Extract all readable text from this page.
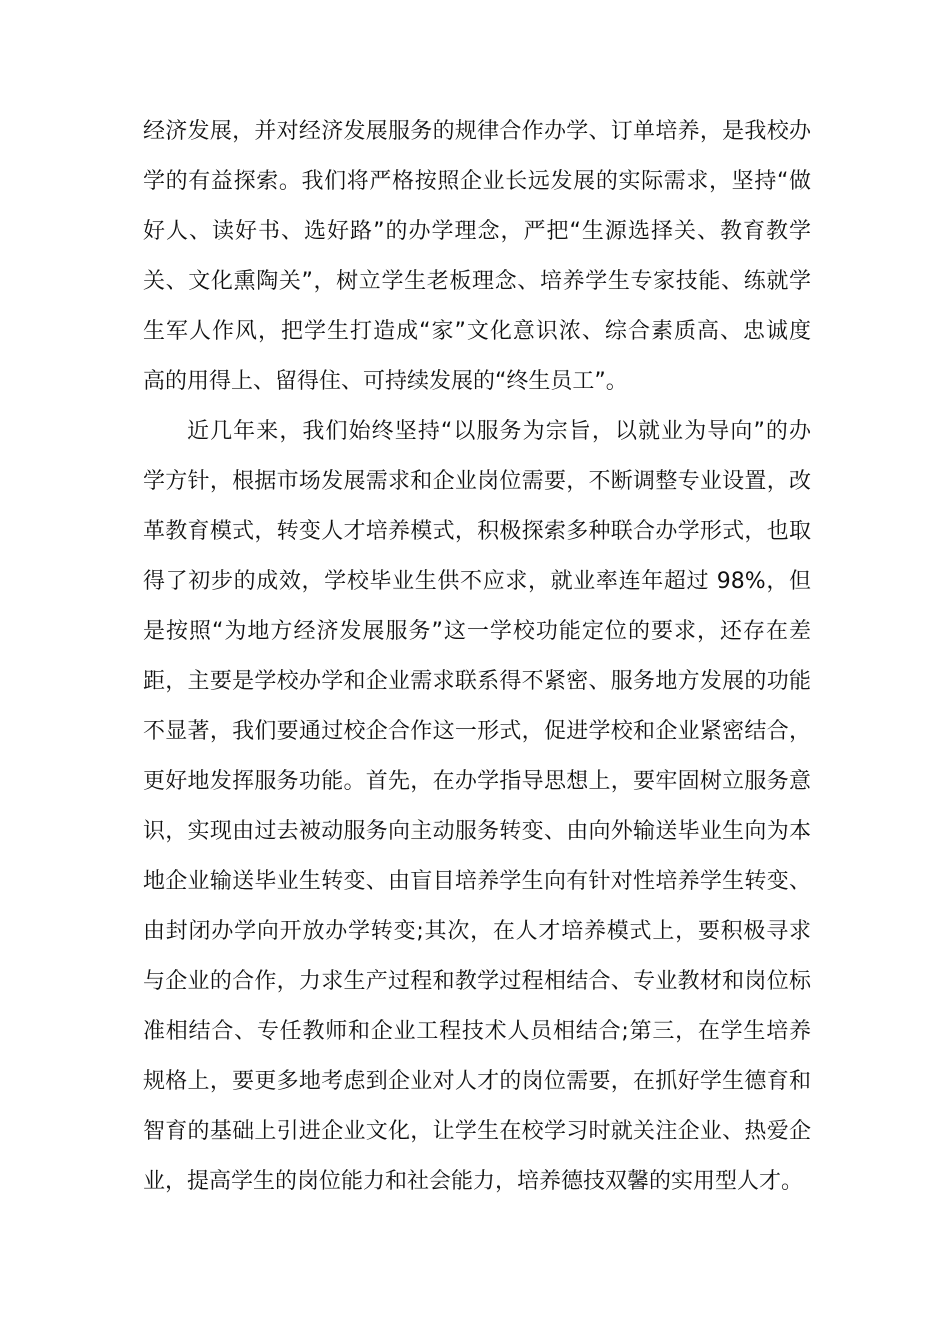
经济发展，并对经济发展服务的规律合作办学、订单培养，是我校办
学的有益探索。我们将严格按照企业长远发展的实际需求，坚持“做
好人、读好书、选好路”的办学理念，严把“生源选择关、教育教学
关、文化熏陶关”，树立学生老板理念、培养学生专家技能、练就学
生军人作风，把学生打造成“家”文化意识浓、综合素质高、忠诚度
高的用得上、留得住、可持续发展的“终生员工”。
近几年来，我们始终坚持“以服务为宗旨，以就业为导向”的办
学方针，根据市场发展需求和企业岗位需要，不断调整专业设置，改
革教育模式，转变人才培养模式，积极探索多种联合办学形式，也取
得了初步的成效，学校毕业生供不应求，就业率连年超过 98%，但
是按照“为地方经济发展服务”这一学校功能定位的要求，还存在差
距，主要是学校办学和企业需求联系得不紧密、服务地方发展的功能
不显著，我们要通过校企合作这一形式，促进学校和企业紧密结合，
更好地发挥服务功能。首先，在办学指导思想上，要牢固树立服务意
识，实现由过去被动服务向主动服务转变、由向外输送毕业生向为本
地企业输送毕业生转变、由盲目培养学生向有针对性培养学生转变、
由封闭办学向开放办学转变;其次，在人才培养模式上，要积极寻求
与企业的合作，力求生产过程和教学过程相结合、专业教材和岗位标
准相结合、专任教师和企业工程技术人员相结合;第三，在学生培养
规格上，要更多地考虑到企业对人才的岗位需要，在抓好学生德育和
智育的基础上引进企业文化，让学生在校学习时就关注企业、热爱企
业，提高学生的岗位能力和社会能力，培养德技双馨的实用型人才。
